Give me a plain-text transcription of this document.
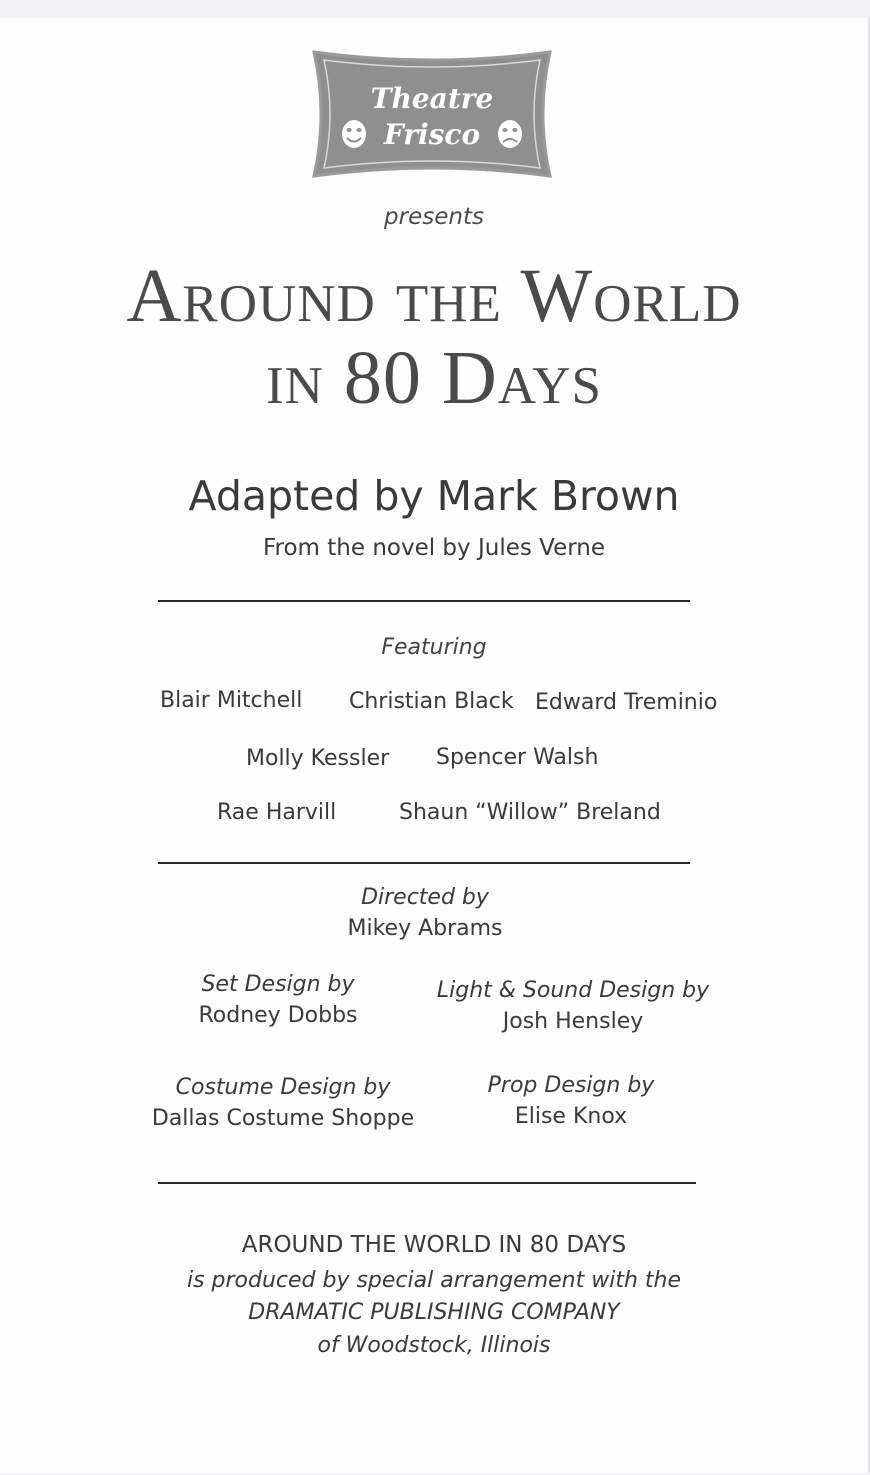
Theatre
Frisco
presents
Around the World
in 80 Days
Adapted by Mark Brown
From the novel by Jules Verne
Featuring
Blair Mitchell Christian Black Edward Treminio
Molly Kessler Spencer Walsh
Rae Harvill	Shaun “Willow” Breland
Directed by
Mikey Abrams
Set Design by
Rodney Dobbs
Light & Sound Design by
Josh Hensley
Costume Design by
Dallas Costume Shoppe
Prop Design by
Elise Knox
AROUND THE WORLD IN 80 DAYS
is produced by special arrangement with the
DRAMATIC PUBLISHING COMPANY
of Woodstock, Illinois
